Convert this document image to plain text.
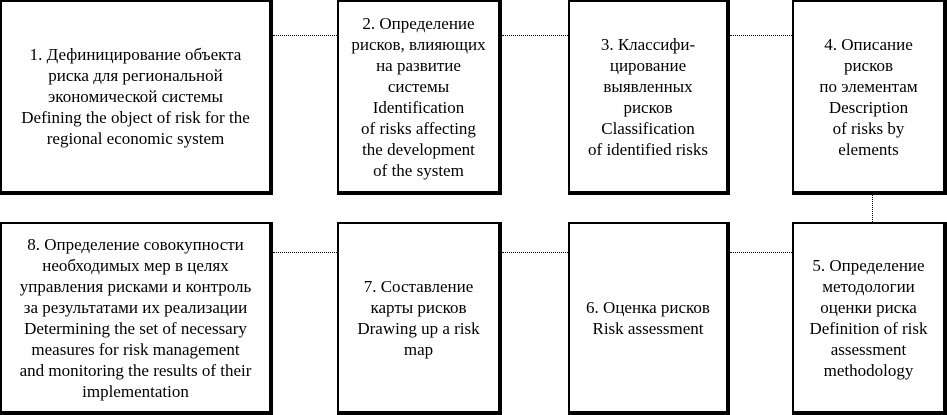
1. Дефиницирование объекта
риска для региональной
экономической системы
Defining the object of risk for the
regional economic system
2. Определение
рисков, влияющих
на развитие
системы
Identification
of risks affecting
the development
of the system
3. Классифи-
цирование
выявленных
рисков
Classification
of identified risks
4. Описание
рисков
по элементам
Description
of risks by
elements
8. Определение совокупности
необходимых мер в целях
управления рисками и контроль
за результатами их реализации
Determining the set of necessary
measures for risk management
and monitoring the results of their
implementation
7. Составление
карты рисков
Drawing up a risk
map
6. Оценка рисков
Risk assessment
5. Определение
методологии
оценки риска
Definition of risk
assessment
methodology
